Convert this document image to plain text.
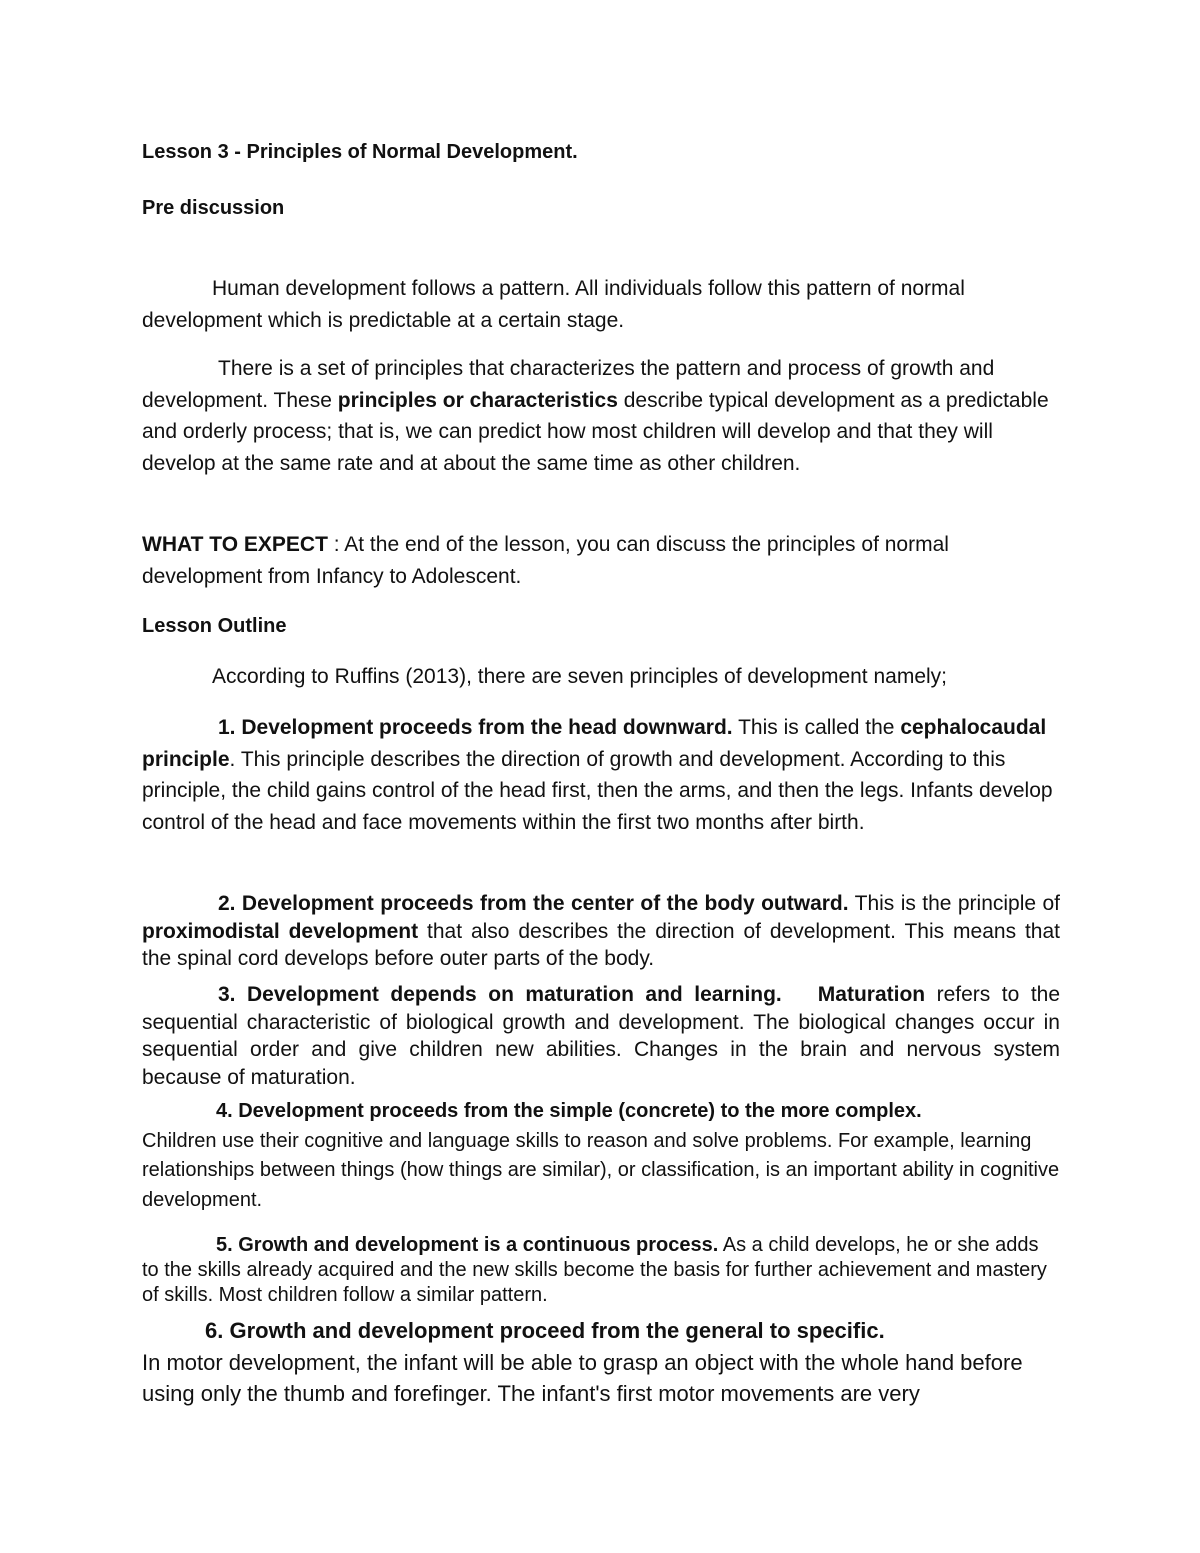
Lesson 3 - Principles of Normal Development.

Pre discussion

Human development follows a pattern. All individuals follow this pattern of normal development which is predictable at a certain stage.

There is a set of principles that characterizes the pattern and process of growth and development. These principles or characteristics describe typical development as a predictable and orderly process; that is, we can predict how most children will develop and that they will develop at the same rate and at about the same time as other children.

WHAT TO EXPECT : At the end of the lesson, you can discuss the principles of normal development from Infancy to Adolescent.

Lesson Outline

According to Ruffins (2013), there are seven principles of development namely;

1. Development proceeds from the head downward. This is called the cephalocaudal principle. This principle describes the direction of growth and development. According to this principle, the child gains control of the head first, then the arms, and then the legs. Infants develop control of the head and face movements within the first two months after birth.

2. Development proceeds from the center of the body outward. This is the principle of proximodistal development that also describes the direction of development. This means that the spinal cord develops before outer parts of the body.

3. Development depends on maturation and learning. Maturation refers to the sequential characteristic of biological growth and development. The biological changes occur in sequential order and give children new abilities. Changes in the brain and nervous system because of maturation.

4. Development proceeds from the simple (concrete) to the more complex.
Children use their cognitive and language skills to reason and solve problems. For example, learning relationships between things (how things are similar), or classification, is an important ability in cognitive development.

5. Growth and development is a continuous process. As a child develops, he or she adds to the skills already acquired and the new skills become the basis for further achievement and mastery of skills. Most children follow a similar pattern.

6. Growth and development proceed from the general to specific.
In motor development, the infant will be able to grasp an object with the whole hand before using only the thumb and forefinger. The infant's first motor movements are very
